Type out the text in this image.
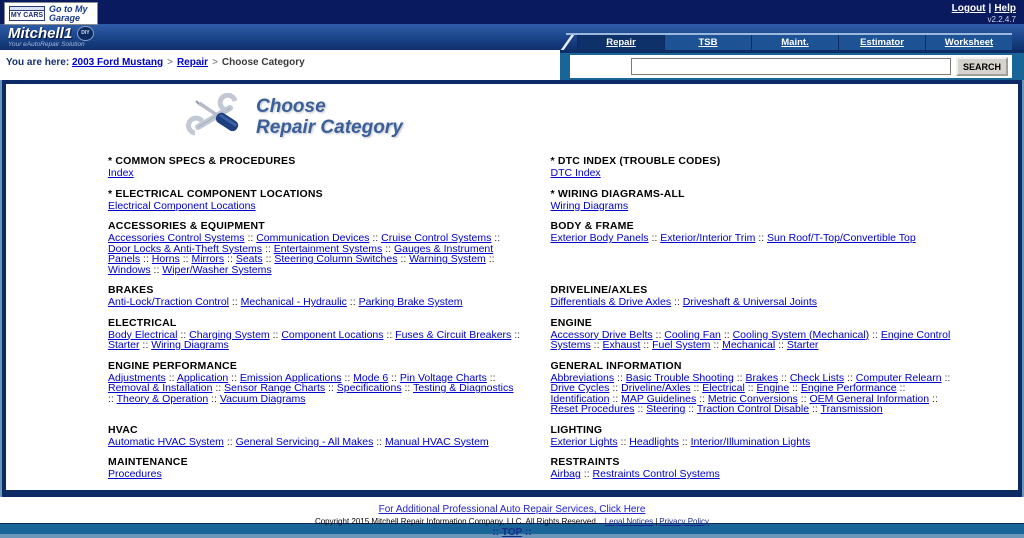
MY CARS
Go to My Garage
Logout | Help
v2.2.4.7
Mitchell1 DIY
Your eAutoRepair Solution	Repair	TSB	Maint.	Estimator	Worksheet
You are here: 2003 Ford Mustang > Repair > Choose Category	SEARCH
Choose
Repair Category
* COMMON SPECS & PROCEDURES

Index

* DTC INDEX (TROUBLE CODES)

DTC Index

* ELECTRICAL COMPONENT LOCATIONS

Electrical Component Locations

* WIRING DIAGRAMS-ALL

Wiring Diagrams

ACCESSORIES & EQUIPMENT

Accessories Control Systems :: Communication Devices :: Cruise Control Systems :: Door Locks & Anti-Theft Systems :: Entertainment Systems :: Gauges & Instrument Panels :: Horns :: Mirrors :: Seats :: Steering Column Switches :: Warning System :: Windows :: Wiper/Washer Systems

BODY & FRAME

Exterior Body Panels :: Exterior/Interior Trim :: Sun Roof/T-Top/Convertible Top

BRAKES

Anti-Lock/Traction Control :: Mechanical - Hydraulic :: Parking Brake System

DRIVELINE/AXLES

Differentials & Drive Axles :: Driveshaft & Universal Joints

ELECTRICAL

Body Electrical :: Charging System :: Component Locations :: Fuses & Circuit Breakers :: Starter :: Wiring Diagrams

ENGINE

Accessory Drive Belts :: Cooling Fan :: Cooling System (Mechanical) :: Engine Control Systems :: Exhaust :: Fuel System :: Mechanical :: Starter

ENGINE PERFORMANCE

Adjustments :: Application :: Emission Applications :: Mode 6 :: Pin Voltage Charts :: Removal & Installation :: Sensor Range Charts :: Specifications :: Testing & Diagnostics :: Theory & Operation :: Vacuum Diagrams

GENERAL INFORMATION

Abbreviations :: Basic Trouble Shooting :: Brakes :: Check Lists :: Computer Relearn :: Drive Cycles :: Driveline/Axles :: Electrical :: Engine :: Engine Performance :: Identification :: MAP Guidelines :: Metric Conversions :: OEM General Information :: Reset Procedures :: Steering :: Traction Control Disable :: Transmission

HVAC

Automatic HVAC System :: General Servicing - All Makes :: Manual HVAC System

LIGHTING

Exterior Lights :: Headlights :: Interior/Illumination Lights

MAINTENANCE

Procedures

RESTRAINTS

Airbag :: Restraints Control Systems

STEERING	SUSPENSION

For Additional Professional Auto Repair Services, Click Here
Copyright 2015 Mitchell Repair Information Company, LLC. All Rights Reserved. Legal Notices | Privacy Policy
:: TOP ::
